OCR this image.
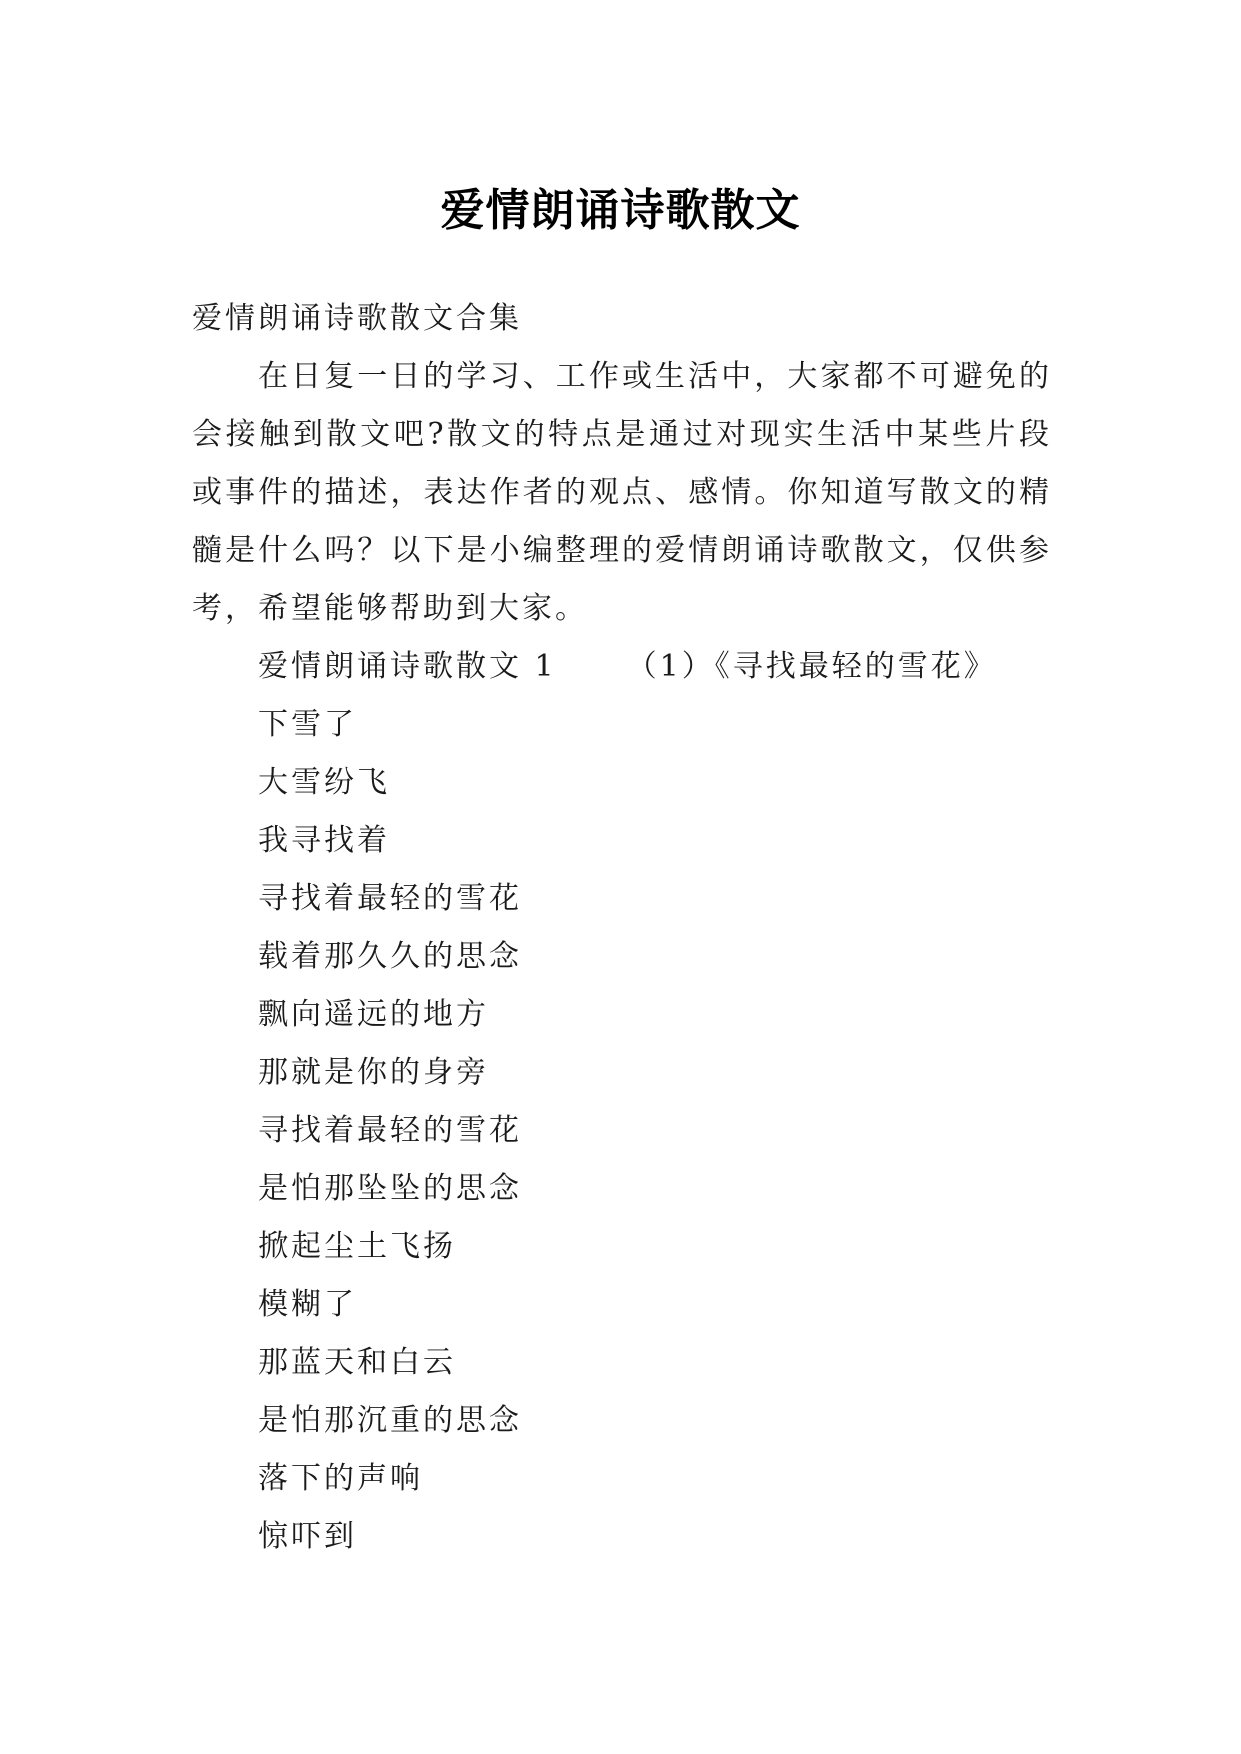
爱情朗诵诗歌散文

爱情朗诵诗歌散文合集

在日复一日的学习、工作或生活中，大家都不可避免的会接触到散文吧?散文的特点是通过对现实生活中某些片段或事件的描述，表达作者的观点、感情。你知道写散文的精髓是什么吗？以下是小编整理的爱情朗诵诗歌散文，仅供参考，希望能够帮助到大家。

爱情朗诵诗歌散文 1 （1）《寻找最轻的雪花》

下雪了
大雪纷飞
我寻找着
寻找着最轻的雪花
载着那久久的思念
飘向遥远的地方
那就是你的身旁
寻找着最轻的雪花
是怕那坠坠的思念
掀起尘土飞扬
模糊了
那蓝天和白云
是怕那沉重的思念
落下的声响
惊吓到
